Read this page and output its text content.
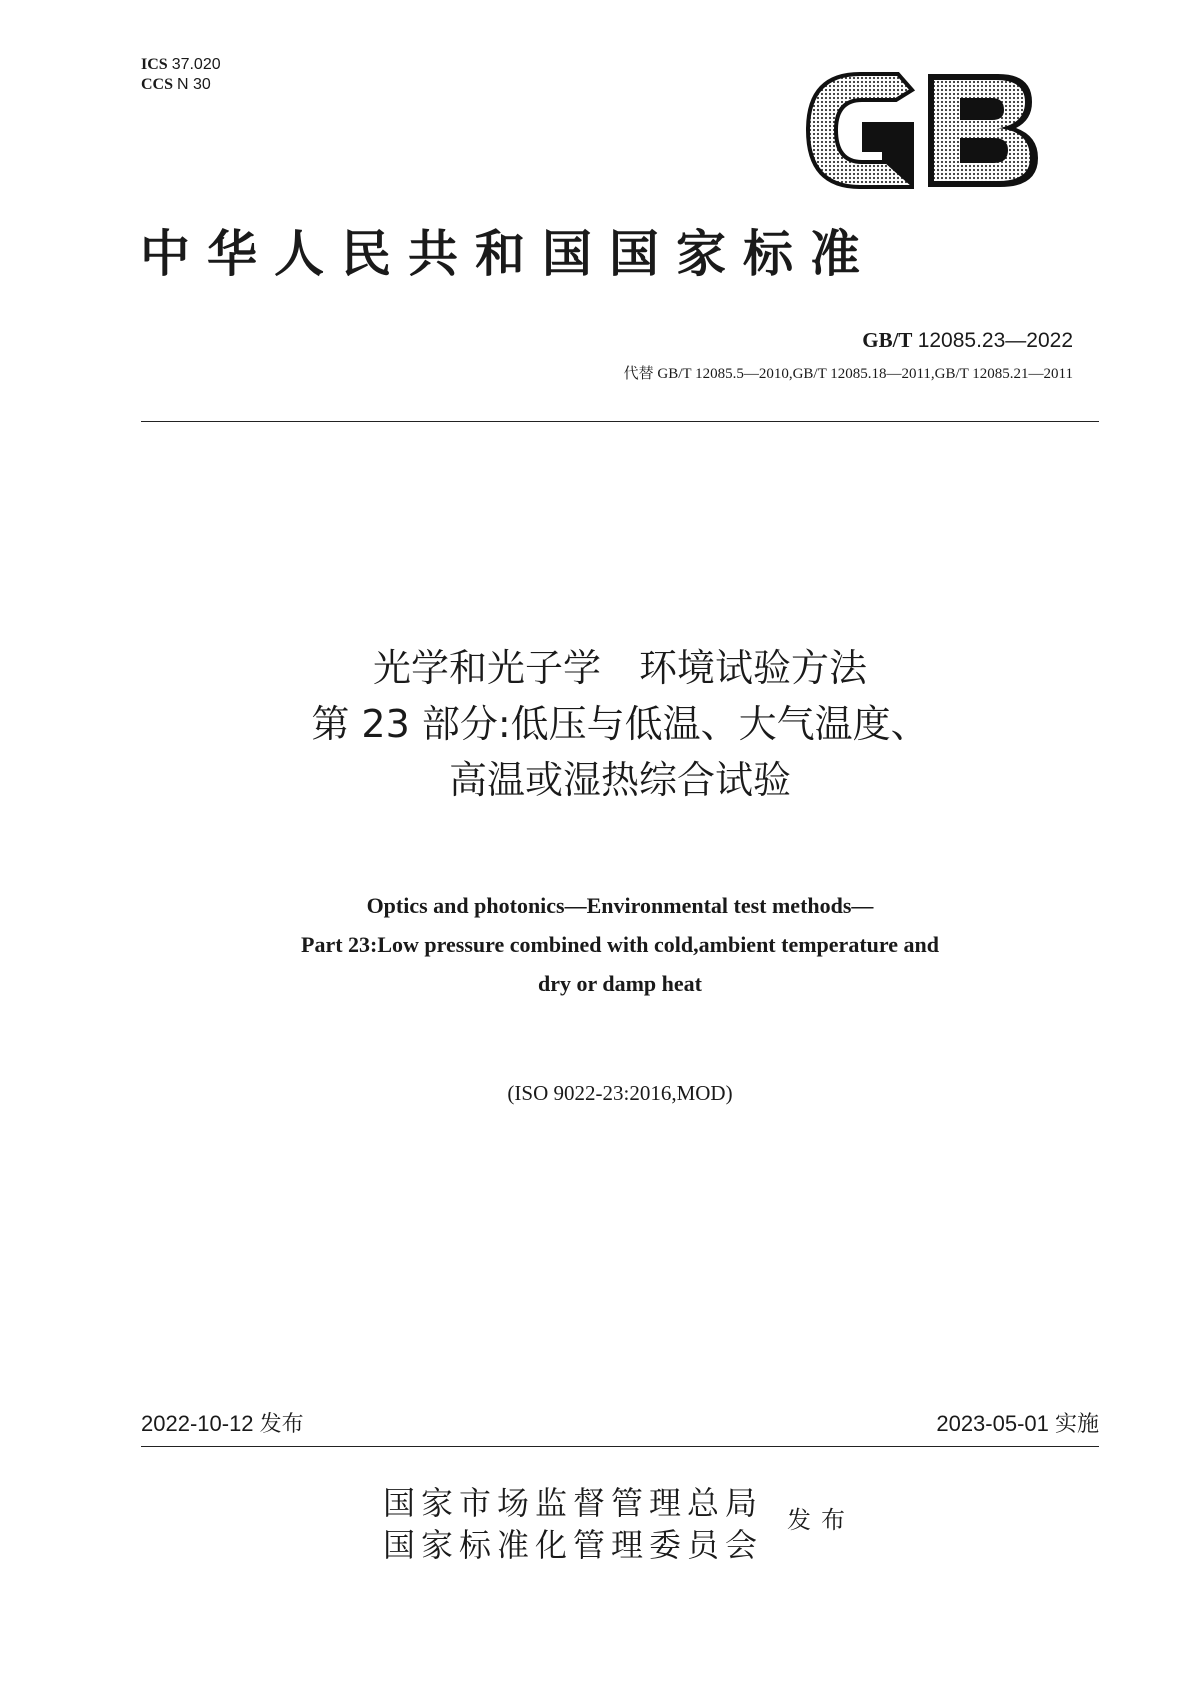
ICS 37.020
CCS N 30
中华人民共和国国家标准
GB/T 12085.23—2022
代替 GB/T 12085.5—2010,GB/T 12085.18—2011,GB/T 12085.21—2011
光学和光子学　环境试验方法
第 23 部分:低压与低温、大气温度、
高温或湿热综合试验
Optics and photonics—Environmental test methods—
Part 23:Low pressure combined with cold,ambient temperature and
dry or damp heat
(ISO 9022-23:2016,MOD)
2022-10-12 发布	2023-05-01 实施
国家市场监督管理总局
国家标准化管理委员会
发布
